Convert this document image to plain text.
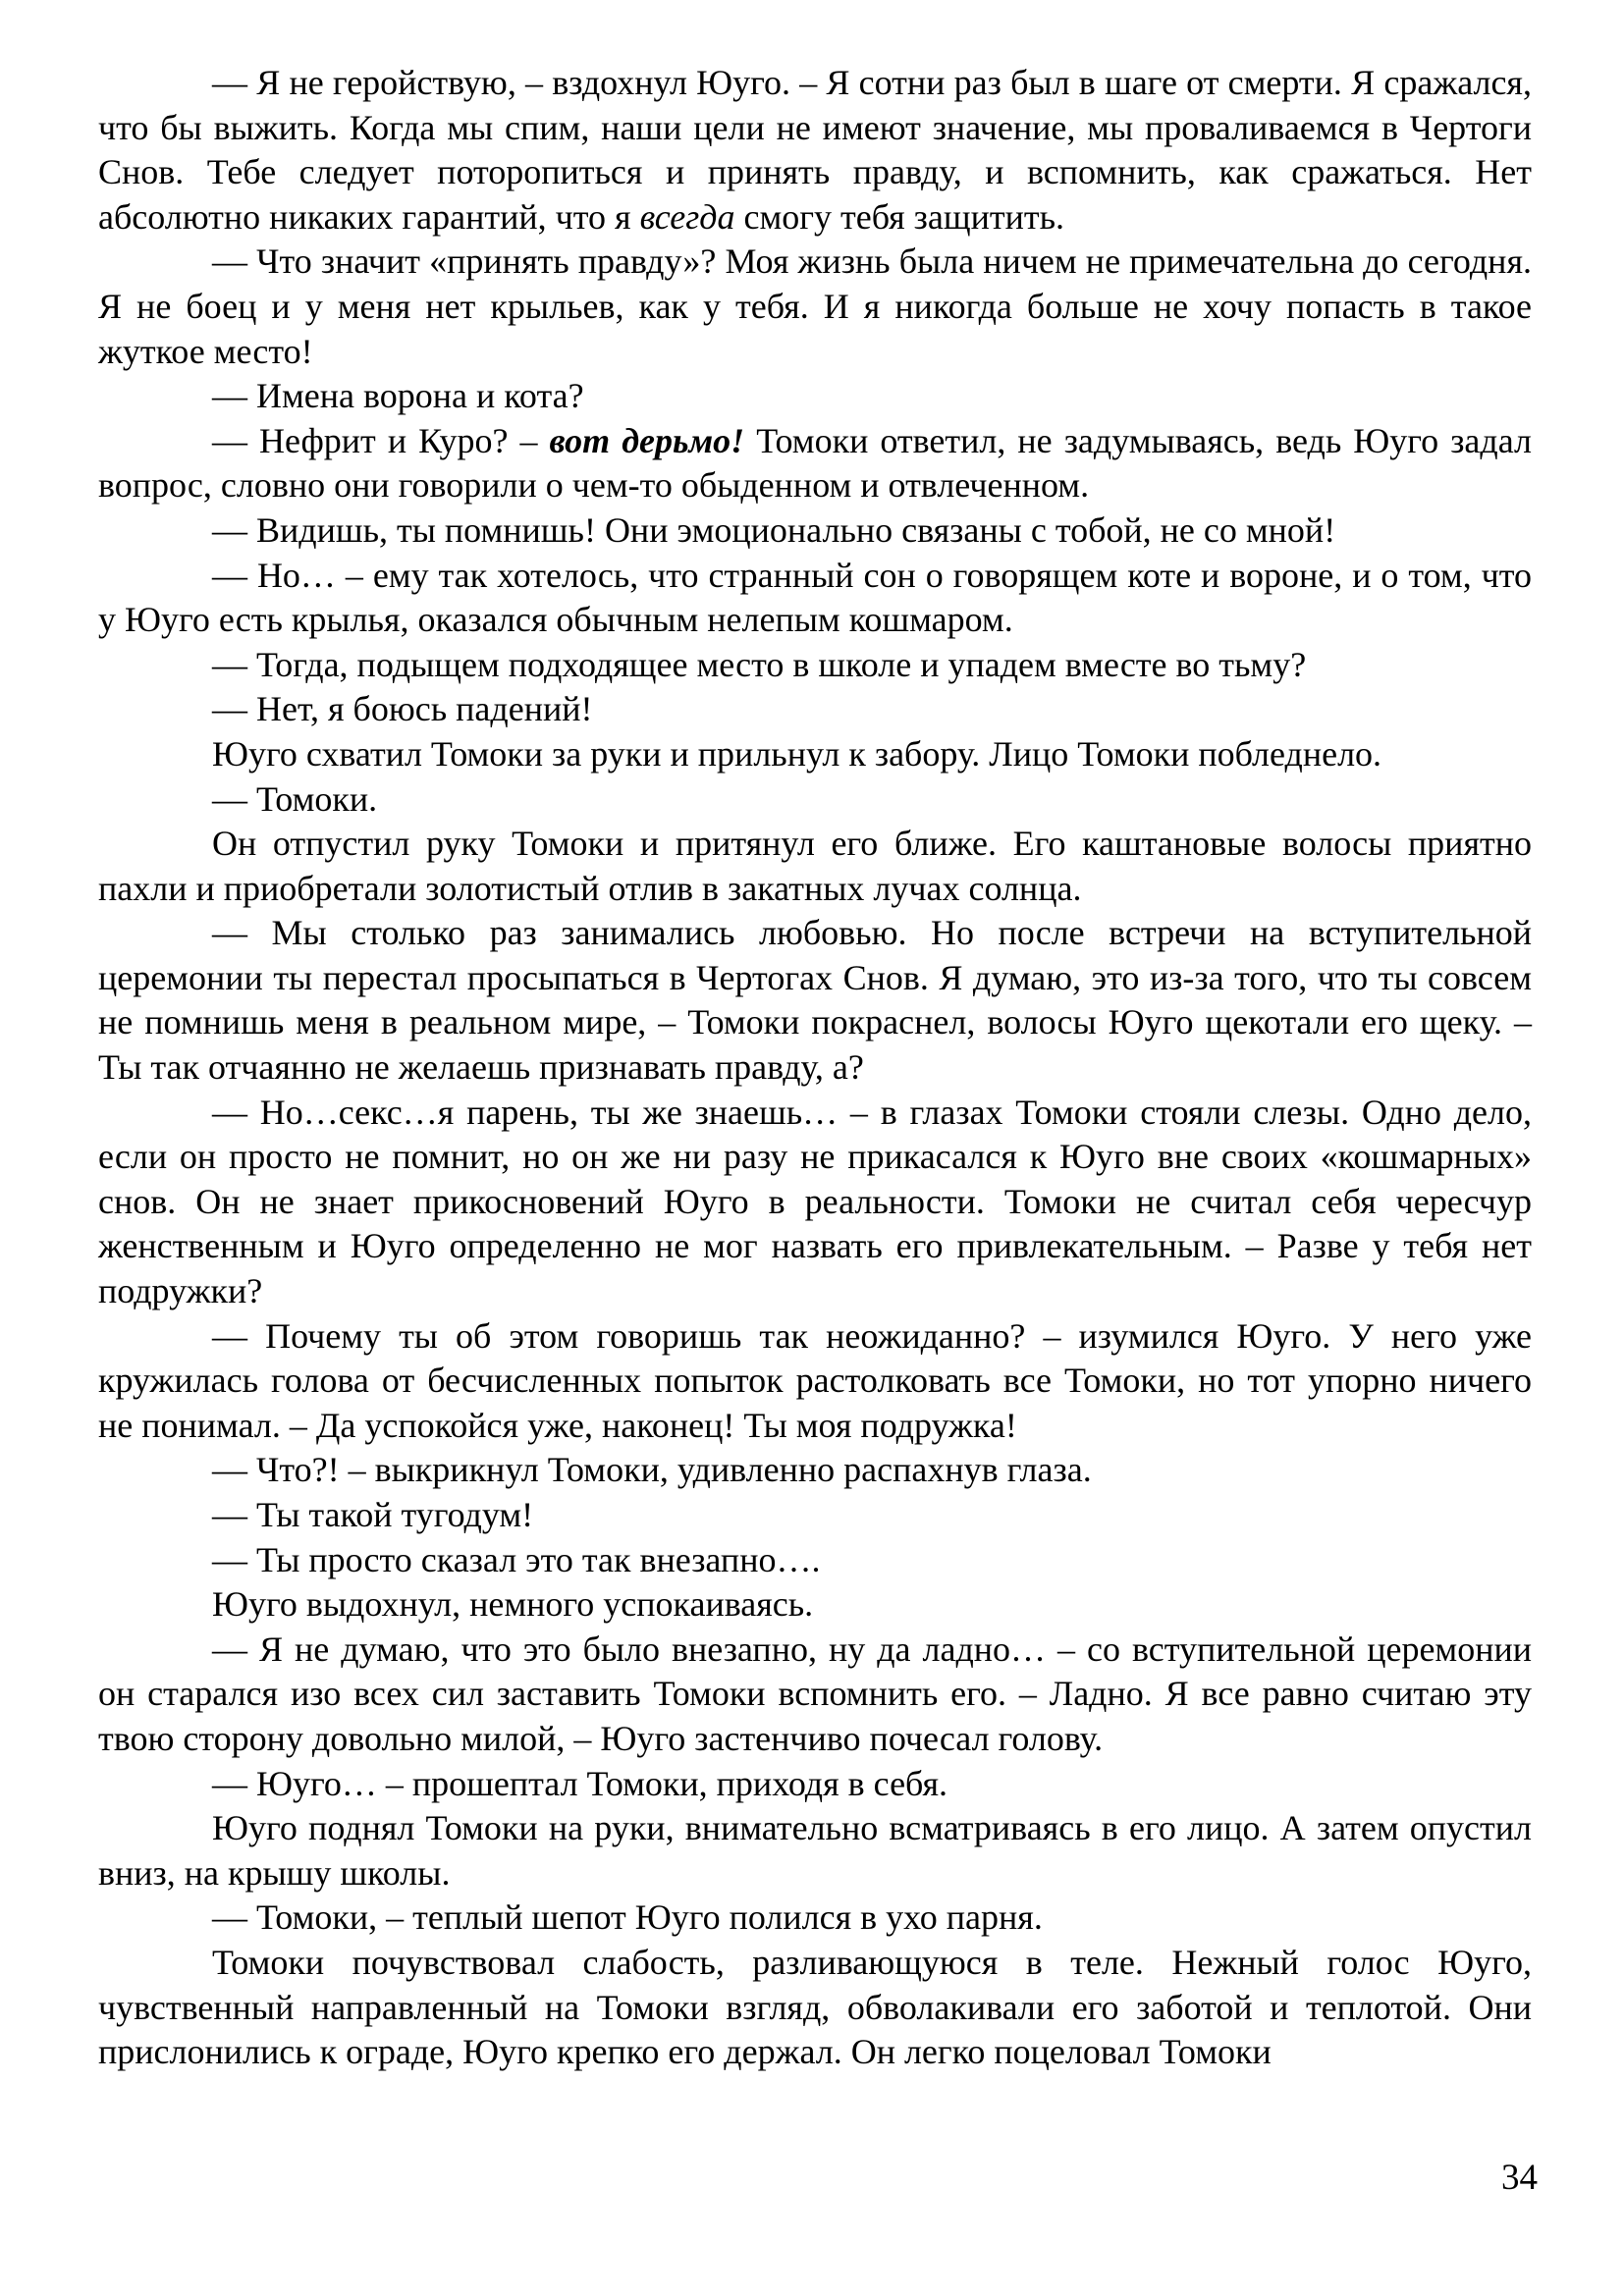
— Я не геройствую, – вздохнул Юуго. – Я сотни раз был в шаге от смерти. Я сражался, что бы выжить. Когда мы спим, наши цели не имеют значение, мы проваливаемся в Чертоги Снов. Тебе следует поторопиться и принять правду, и вспомнить, как сражаться. Нет абсолютно никаких гарантий, что я всегда смогу тебя защитить.

— Что значит «принять правду»? Моя жизнь была ничем не примечательна до сегодня. Я не боец и у меня нет крыльев, как у тебя. И я никогда больше не хочу попасть в такое жуткое место!

— Имена ворона и кота?

— Нефрит и Куро? – вот дерьмо! Томоки ответил, не задумываясь, ведь Юуго задал вопрос, словно они говорили о чем-то обыденном и отвлеченном.

— Видишь, ты помнишь! Они эмоционально связаны с тобой, не со мной!

— Но… – ему так хотелось, что странный сон о говорящем коте и вороне, и о том, что у Юуго есть крылья, оказался обычным нелепым кошмаром.

— Тогда, подыщем подходящее место в школе и упадем вместе во тьму?

— Нет, я боюсь падений!

Юуго схватил Томоки за руки и прильнул к забору. Лицо Томоки побледнело.

— Томоки.

Он отпустил руку Томоки и притянул его ближе. Его каштановые волосы приятно пахли и приобретали золотистый отлив в закатных лучах солнца.

— Мы столько раз занимались любовью. Но после встречи на вступительной церемонии ты перестал просыпаться в Чертогах Снов. Я думаю, это из-за того, что ты совсем не помнишь меня в реальном мире, – Томоки покраснел, волосы Юуго щекотали его щеку. – Ты так отчаянно не желаешь признавать правду, а?

— Но…секс…я парень, ты же знаешь… – в глазах Томоки стояли слезы. Одно дело, если он просто не помнит, но он же ни разу не прикасался к Юуго вне своих «кошмарных» снов. Он не знает прикосновений Юуго в реальности. Томоки не считал себя чересчур женственным и Юуго определенно не мог назвать его привлекательным. – Разве у тебя нет подружки?

— Почему ты об этом говоришь так неожиданно? – изумился Юуго. У него уже кружилась голова от бесчисленных попыток растолковать все Томоки, но тот упорно ничего не понимал. – Да успокойся уже, наконец! Ты моя подружка!

— Что?! – выкрикнул Томоки, удивленно распахнув глаза.

— Ты такой тугодум!

— Ты просто сказал это так внезапно….

Юуго выдохнул, немного успокаиваясь.

— Я не думаю, что это было внезапно, ну да ладно… – со вступительной церемонии он старался изо всех сил заставить Томоки вспомнить его. – Ладно. Я все равно считаю эту твою сторону довольно милой, – Юуго застенчиво почесал голову.

— Юуго… – прошептал Томоки, приходя в себя.

Юуго поднял Томоки на руки, внимательно всматриваясь в его лицо. А затем опустил вниз, на крышу школы.

— Томоки, – теплый шепот Юуго полился в ухо парня.

Томоки почувствовал слабость, разливающуюся в теле. Нежный голос Юуго, чувственный направленный на Томоки взгляд, обволакивали его заботой и теплотой. Они прислонились к ограде, Юуго крепко его держал. Он легко поцеловал Томоки

34
